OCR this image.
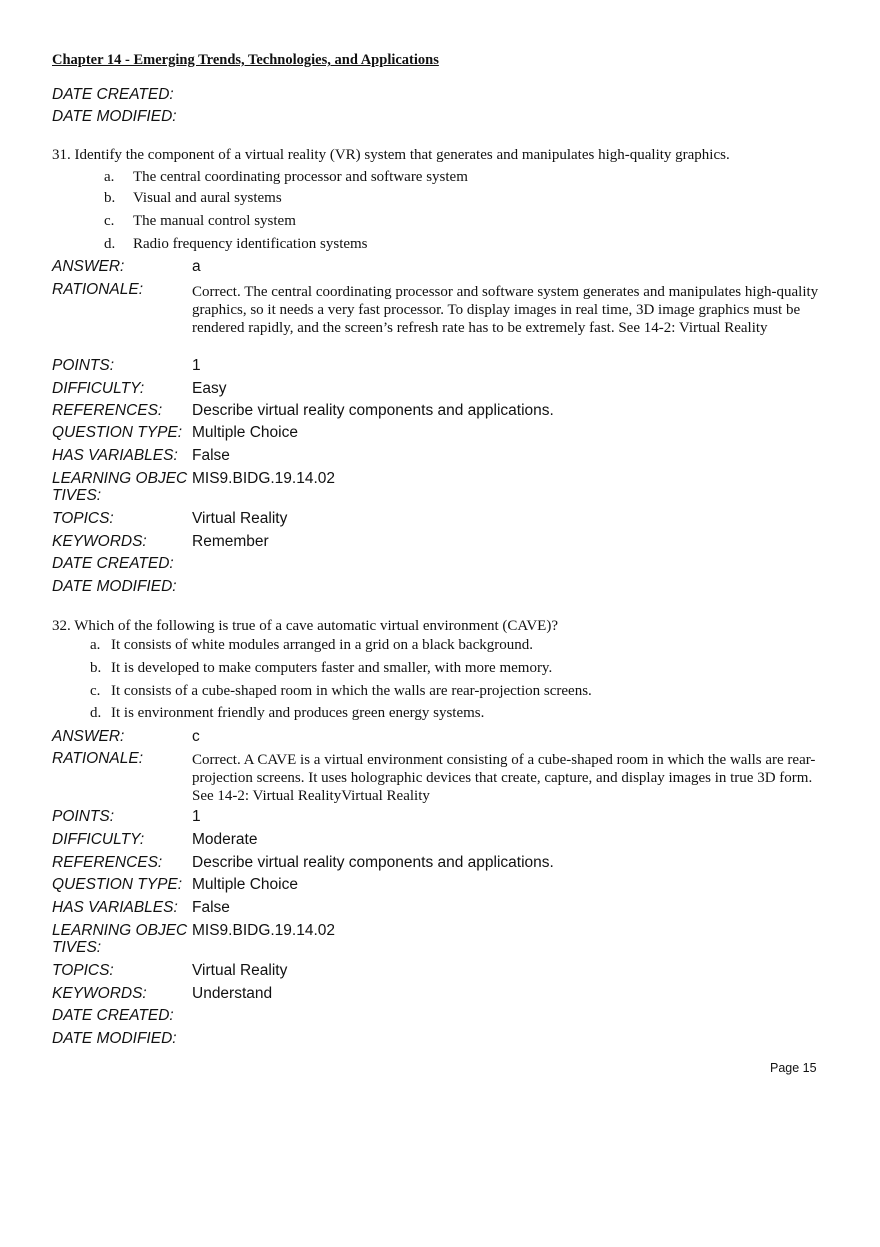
Chapter 14 - Emerging Trends, Technologies, and Applications
DATE CREATED:
DATE MODIFIED:
31. Identify the component of a virtual reality (VR) system that generates and manipulates high-quality graphics.
a. The central coordinating processor and software system
b. Visual and aural systems
c. The manual control system
d. Radio frequency identification systems
ANSWER:	a
RATIONALE:	Correct. The central coordinating processor and software system generates and manipulates high-quality graphics, so it needs a very fast processor. To display images in real time, 3D image graphics must be rendered rapidly, and the screen’s refresh rate has to be extremely fast. See 14-2: Virtual Reality
POINTS:	1
DIFFICULTY:	Easy
REFERENCES: Describe virtual reality components and applications.
QUESTION TYPE: Multiple Choice
HAS VARIABLES: False
LEARNING OBJEC TIVES:
MIS9.BIDG.19.14.02
TOPICS:	Virtual Reality
KEYWORDS:	Remember
DATE CREATED:
DATE MODIFIED:
32. Which of the following is true of a cave automatic virtual environment (CAVE)?
a. It consists of white modules arranged in a grid on a black background.
b. It is developed to make computers faster and smaller, with more memory.
c. It consists of a cube-shaped room in which the walls are rear-projection screens.
d. It is environment friendly and produces green energy systems.
ANSWER:	c
RATIONALE:	Correct. A CAVE is a virtual environment consisting of a cube-shaped room in which the walls are rear-projection screens. It uses holographic devices that create, capture, and display images in true 3D form. See 14-2: Virtual RealityVirtual Reality
POINTS:	1
DIFFICULTY:	Moderate
REFERENCES: Describe virtual reality components and applications.
QUESTION TYPE: Multiple Choice
HAS VARIABLES: False
LEARNING OBJEC TIVES:
MIS9.BIDG.19.14.02
TOPICS:	Virtual Reality
KEYWORDS:	Understand
DATE CREATED:
DATE MODIFIED:
Page 15
